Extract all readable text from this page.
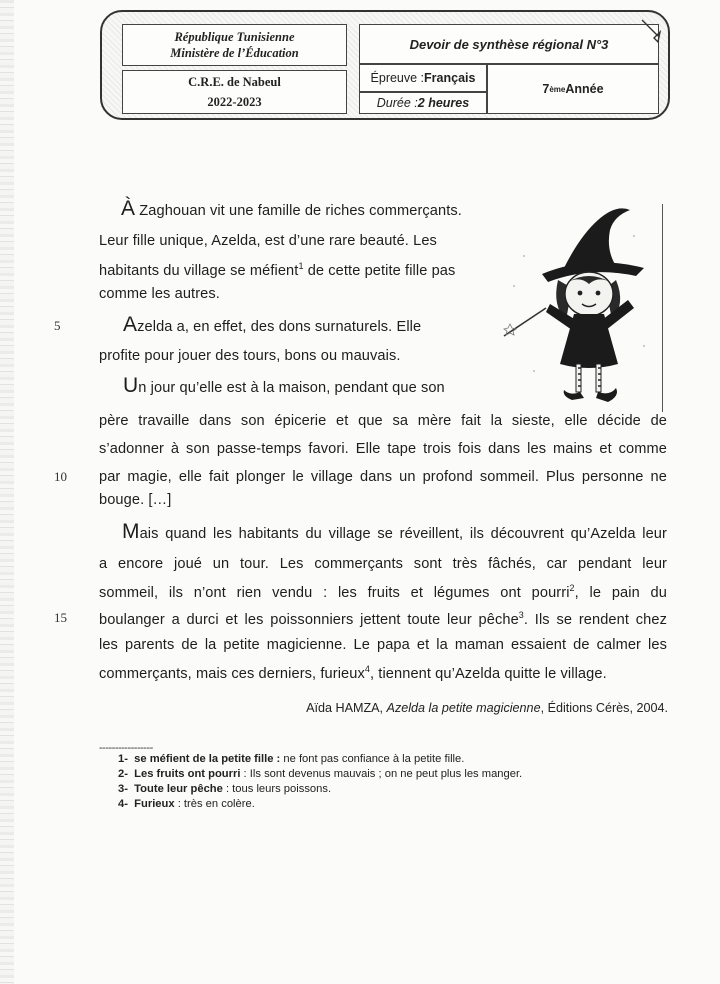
République Tunisienne
Ministère de l’Éducation
C.R.E. de Nabeul
2022-2023
Devoir de synthèse régional N°3
Épreuve : Français
Durée : 2 heures
7 ème Année
À Zaghouan vit une famille de riches commerçants.
Leur fille unique, Azelda, est d’une rare beauté. Les
habitants du village se méfient$^1$ de cette petite fille pas
comme les autres.
Azelda a, en effet, des dons surnaturels. Elle
profite pour jouer des tours, bons ou mauvais.
Un jour qu’elle est à la maison, pendant que son
père travaille dans son épicerie et que sa mère fait la sieste, elle décide de
s’adonner à son passe-temps favori. Elle tape trois fois dans les mains et comme
par magie, elle fait plonger le village dans un profond sommeil. Plus personne ne
bouge. […]
Mais quand les habitants du village se réveillent, ils découvrent qu’Azelda leur
a encore joué un tour. Les commerçants sont très fâchés, car pendant leur
sommeil, ils n’ont rien vendu : les fruits et légumes ont pourri$^2$, le pain du
boulanger a durci et les poissonniers jettent toute leur pêche$^3$. Ils se rendent chez
les parents de la petite magicienne. Le papa et la maman essaient de calmer les
commerçants, mais ces derniers, furieux$^4$, tiennent qu’Azelda quitte le village.
5
10
15
Aïda HAMZA, Azelda la petite magicienne, Éditions Cérès, 2004.
-----------------
1- se méfient de la petite fille : ne font pas confiance à la petite fille.
2- Les fruits ont pourri : Ils sont devenus mauvais ; on ne peut plus les manger.
3- Toute leur pêche : tous leurs poissons.
4- Furieux : très en colère.
